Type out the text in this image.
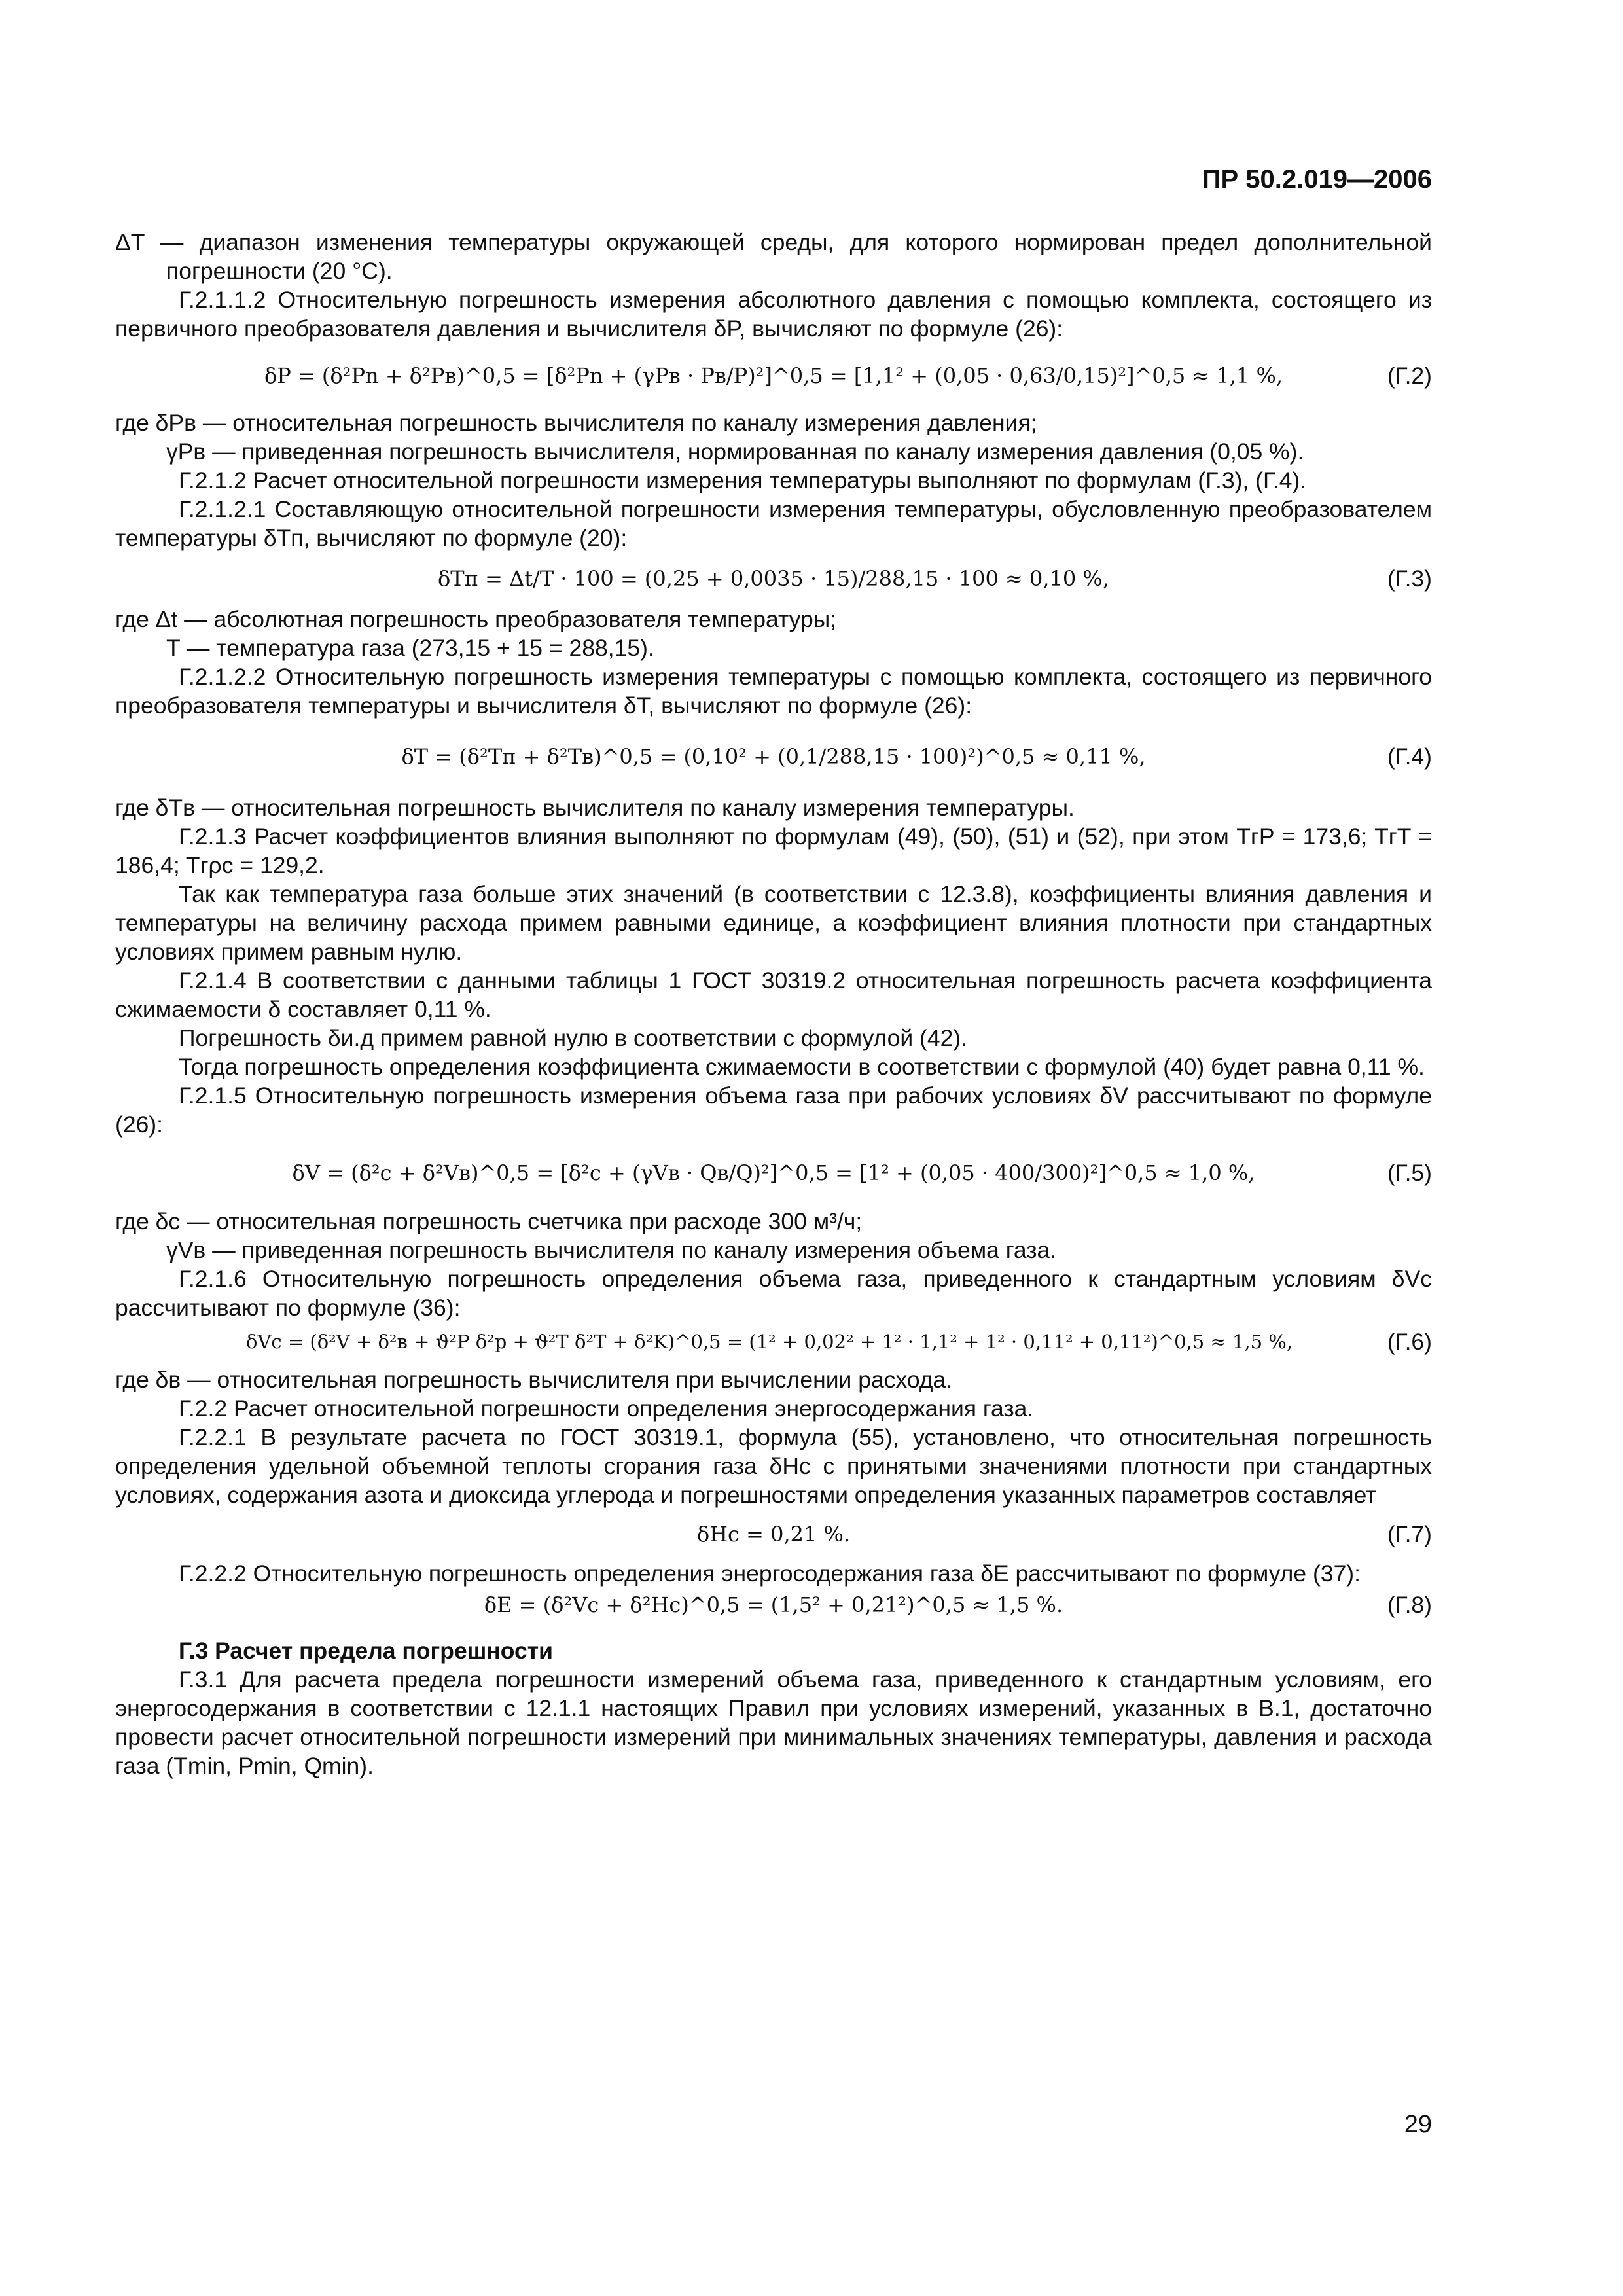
ПР 50.2.019—2006

ΔT — диапазон изменения температуры окружающей среды, для которого нормирован предел дополнительной погрешности (20 °С).

Г.2.1.1.2 Относительную погрешность измерения абсолютного давления с помощью комплекта, состоящего из первичного преобразователя давления и вычислителя δP, вычисляют по формуле (26):

δP = (δ²Pn + δ²Pв)^0,5 = [δ²Pn + (γPв · Pв/P)²]^0,5 = [1,1² + (0,05 · 0,63/0,15)²]^0,5 ≈ 1,1 %,	(Г.2)

где δPв — относительная погрешность вычислителя по каналу измерения давления;

γPв — приведенная погрешность вычислителя, нормированная по каналу измерения давления (0,05 %).

Г.2.1.2 Расчет относительной погрешности измерения температуры выполняют по формулам (Г.3), (Г.4).

Г.2.1.2.1 Составляющую относительной погрешности измерения температуры, обусловленную преобразователем температуры δTп, вычисляют по формуле (20):

δTп = Δt/T · 100 = (0,25 + 0,0035 · 15)/288,15 · 100 ≈ 0,10 %,	(Г.3)

где Δt — абсолютная погрешность преобразователя температуры;

T — температура газа (273,15 + 15 = 288,15).

Г.2.1.2.2 Относительную погрешность измерения температуры с помощью комплекта, состоящего из первичного преобразователя температуры и вычислителя δT, вычисляют по формуле (26):

δT = (δ²Tп + δ²Tв)^0,5 = (0,10² + (0,1/288,15 · 100)²)^0,5 ≈ 0,11 %,	(Г.4)

где δTв — относительная погрешность вычислителя по каналу измерения температуры.

Г.2.1.3 Расчет коэффициентов влияния выполняют по формулам (49), (50), (51) и (52), при этом TгP = 173,6; TгT = 186,4; Tгρс = 129,2.

Так как температура газа больше этих значений (в соответствии с 12.3.8), коэффициенты влияния давления и температуры на величину расхода примем равными единице, а коэффициент влияния плотности при стандартных условиях примем равным нулю.

Г.2.1.4 В соответствии с данными таблицы 1 ГОСТ 30319.2 относительная погрешность расчета коэффициента сжимаемости δ составляет 0,11 %.

Погрешность δи.д примем равной нулю в соответствии с формулой (42).

Тогда погрешность определения коэффициента сжимаемости в соответствии с формулой (40) будет равна 0,11 %.

Г.2.1.5 Относительную погрешность измерения объема газа при рабочих условиях δV рассчитывают по формуле (26):

δV = (δ²с + δ²Vв)^0,5 = [δ²с + (γVв · Qв/Q)²]^0,5 = [1² + (0,05 · 400/300)²]^0,5 ≈ 1,0 %,	(Г.5)

где δс — относительная погрешность счетчика при расходе 300 м³/ч;

γVв — приведенная погрешность вычислителя по каналу измерения объема газа.

Г.2.1.6 Относительную погрешность определения объема газа, приведенного к стандартным условиям δVс рассчитывают по формуле (36):

δVс = (δ²V + δ²в + ϑ²P δ²p + ϑ²T δ²T + δ²K)^0,5 = (1² + 0,02² + 1² · 1,1² + 1² · 0,11² + 0,11²)^0,5 ≈ 1,5 %,	(Г.6)

где δв — относительная погрешность вычислителя при вычислении расхода.

Г.2.2 Расчет относительной погрешности определения энергосодержания газа.

Г.2.2.1 В результате расчета по ГОСТ 30319.1, формула (55), установлено, что относительная погрешность определения удельной объемной теплоты сгорания газа δНс с принятыми значениями плотности при стандартных условиях, содержания азота и диоксида углерода и погрешностями определения указанных параметров составляет

δНс = 0,21 %.	(Г.7)

Г.2.2.2 Относительную погрешность определения энергосодержания газа δE рассчитывают по формуле (37):

δE = (δ²Vс + δ²Hс)^0,5 = (1,5² + 0,21²)^0,5 ≈ 1,5 %.	(Г.8)

Г.3 Расчет предела погрешности

Г.3.1 Для расчета предела погрешности измерений объема газа, приведенного к стандартным условиям, его энергосодержания в соответствии с 12.1.1 настоящих Правил при условиях измерений, указанных в В.1, достаточно провести расчет относительной погрешности измерений при минимальных значениях температуры, давления и расхода газа (Tmin, Pmin, Qmin).

29
